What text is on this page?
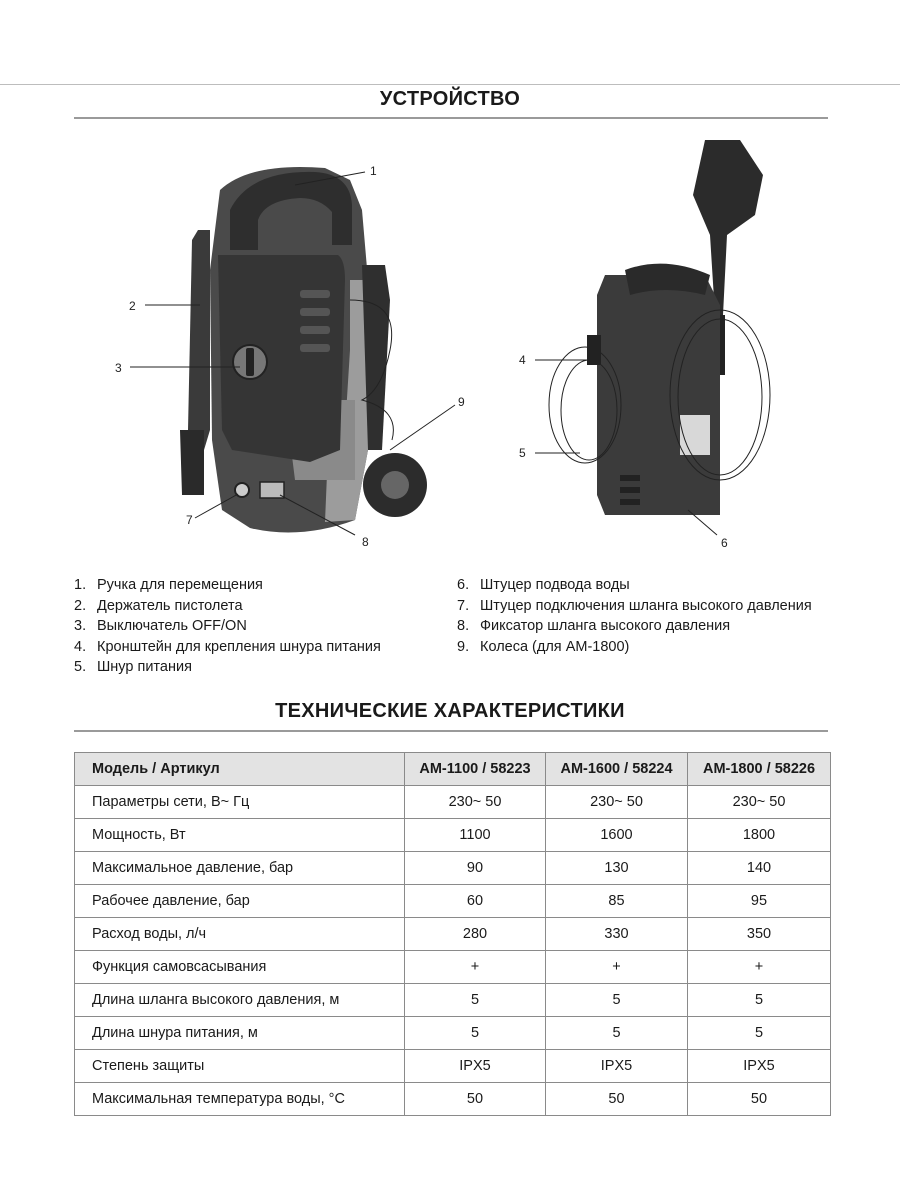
УСТРОЙСТВО
1
2
3
7
8
9
4
5
6
1. Ручка для перемещения
2. Держатель пистолета
3. Выключатель OFF/ON
4. Кронштейн для крепления шнура питания
5. Шнур питания
6. Штуцер подвода воды
7. Штуцер подключения шланга высокого давления
8. Фиксатор шланга высокого давления
9. Колеса (для АМ-1800)
ТЕХНИЧЕСКИЕ ХАРАКТЕРИСТИКИ
Модель / Артикул	АМ-1100 / 58223	АМ-1600 / 58224	АМ-1800 / 58226
Параметры сети, В~ Гц	230~ 50	230~ 50	230~ 50
Мощность, Вт	1100	1600	1800
Максимальное давление, бар	90	130	140
Рабочее давление, бар	60	85	95
Расход воды, л/ч	280	330	350
Функция самовсасывания	+	+	+
Длина шланга высокого давления, м	5	5	5
Длина шнура питания, м	5	5	5
Степень защиты	IPX5	IPX5	IPX5
Максимальная температура воды, °C	50	50	50
